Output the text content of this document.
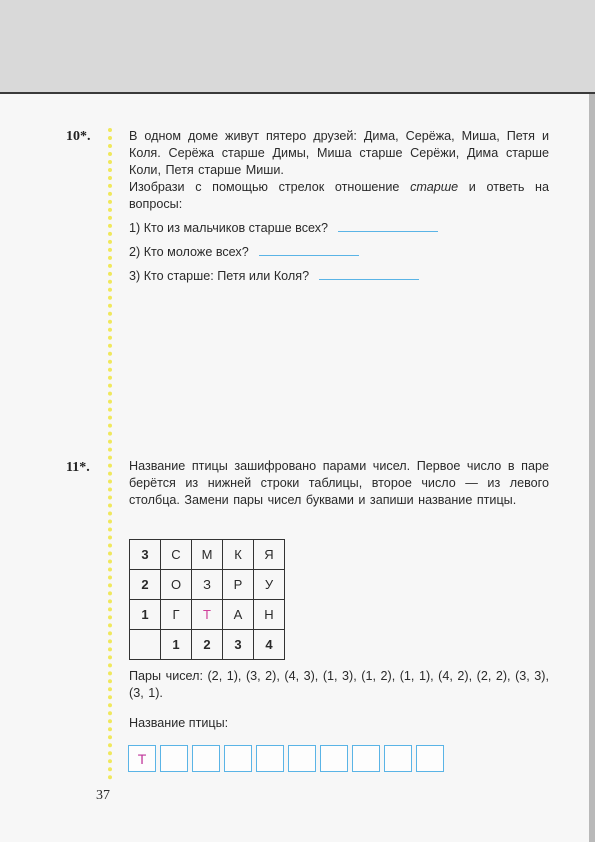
10*.	В одном доме живут пятеро друзей: Дима, Серёжа, Миша, Петя и Коля. Серёжа старше Димы, Миша старше Серёжи, Дима старше Коли, Петя старше Миши.
Изобрази с помощью стрелок отношение старше и ответь на вопросы:

1) Кто из мальчиков старше всех?
2) Кто моложе всех?
3) Кто старше: Петя или Коля?
11*.	Название птицы зашифровано парами чисел. Первое число в паре берётся из нижней строки таблицы, второе число — из левого столбца. Замени пары чисел буквами и запиши название птицы.

3	С	М	К	Я
2	О	З	Р	У
1	Г	Т	А	Н
	1	2	3	4

Пары чисел: (2, 1), (3, 2), (4, 3), (1, 3), (1, 2), (1, 1), (4, 2), (2, 2), (3, 3), (3, 1).

Название птицы:
Т
37
